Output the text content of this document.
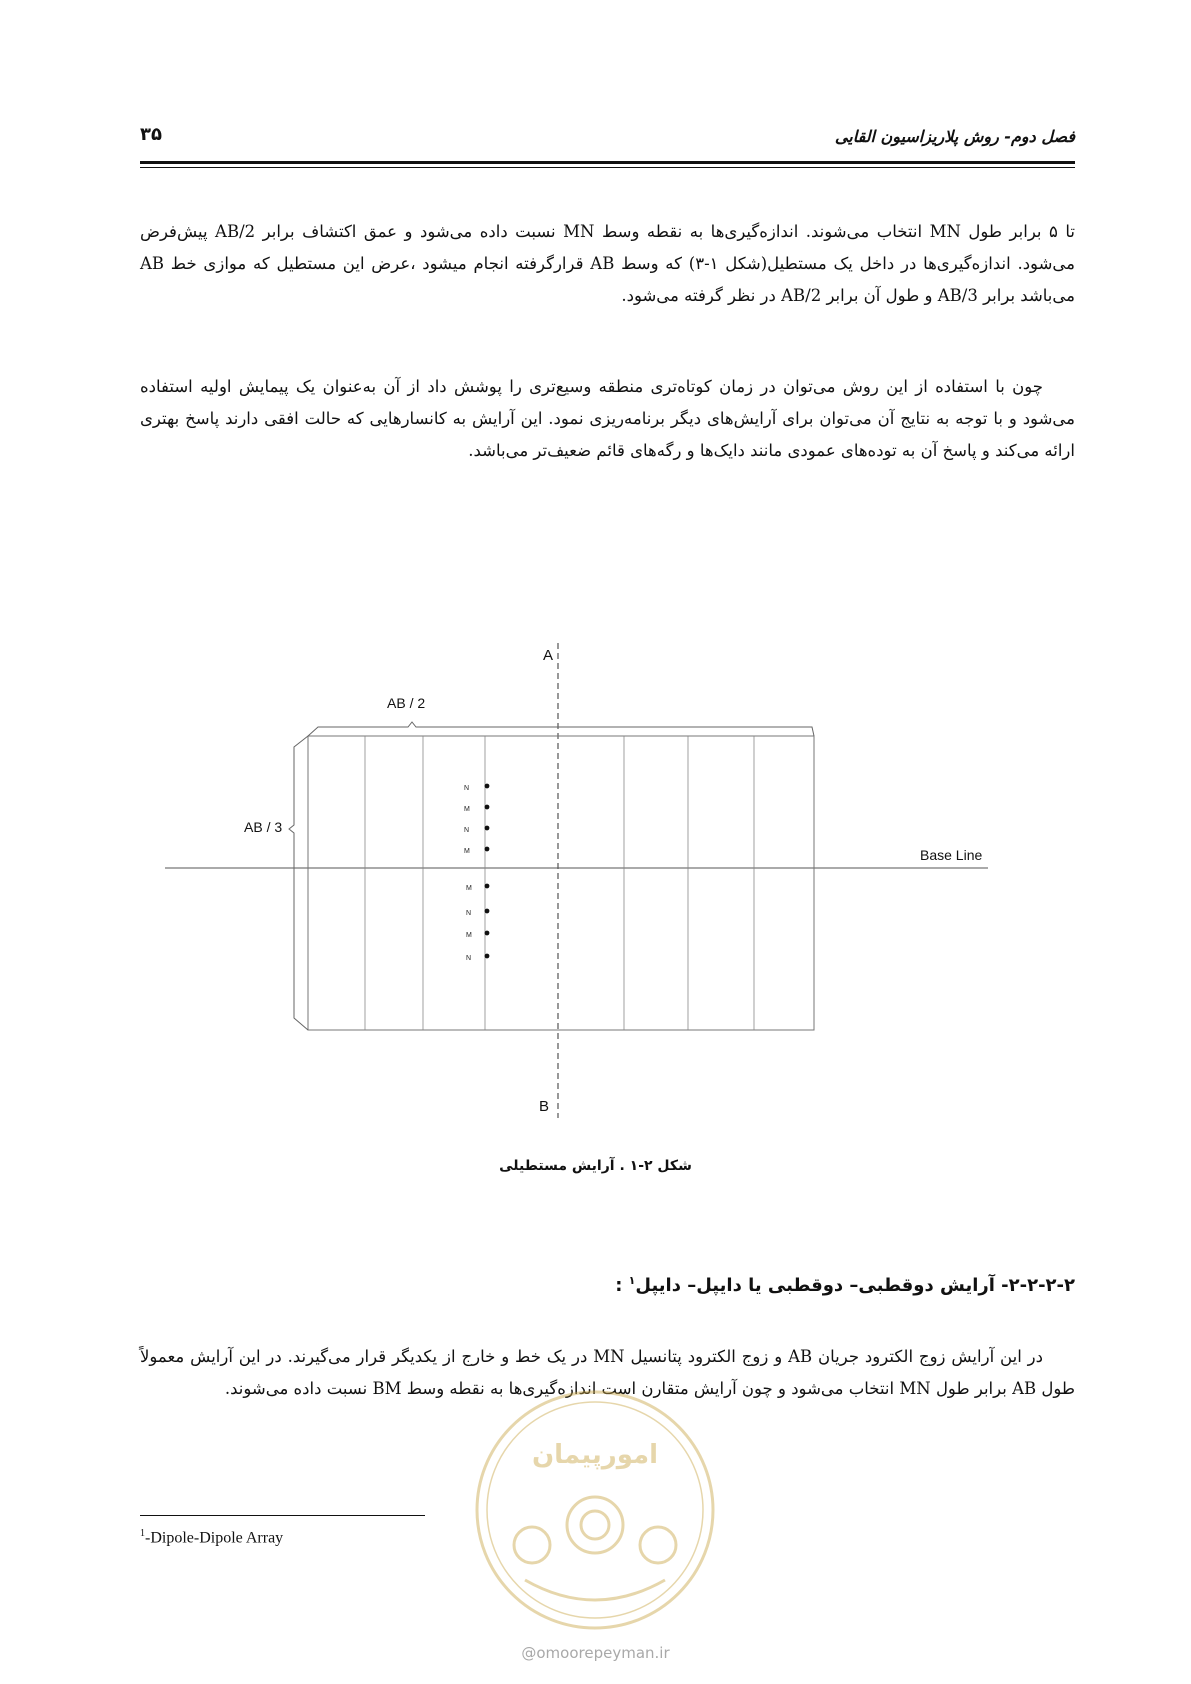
فصل دوم- روش پلاریزاسیون القایی
۳۵
تا ۵ برابر طول MN انتخاب می‌شوند. اندازه‌گیری‌ها به نقطه وسط MN نسبت داده می‌شود و عمق اکتشاف برابر AB/2 پیش‌فرض می‌شود. اندازه‌گیری‌ها در داخل یک مستطیل(شکل ۱-۳) که وسط AB قرارگرفته انجام میشود ،عرض این مستطیل که موازی خط AB می‌باشد برابر AB/3 و طول آن برابر AB/2 در نظر گرفته می‌شود.
چون با استفاده از این روش می‌توان در زمان کوتاه‌تری منطقه وسیع‌تری را پوشش داد از آن به‌عنوان یک پیمایش اولیه استفاده می‌شود و با توجه به نتایج آن می‌توان برای آرایش‌های دیگر برنامه‌ریزی نمود. این آرایش به کانسارهایی که حالت افقی دارند پاسخ بهتری ارائه می‌کند و پاسخ آن به توده‌های عمودی مانند دایک‌ها و رگه‌های قائم ضعیف‌تر می‌باشد.
A
B
AB / 2
AB / 3
Base Line
N
M
N
M
M
N
M
N
شکل ۲-۱ . آرایش مستطیلی
۲-۲-۲-۲- آرایش دوقطبی– دوقطبی یا دایپل– دایپل$^۱$ :
در این آرایش زوج الکترود جریان AB و زوج الکترود پتانسیل MN در یک خط و خارج از یکدیگر قرار می‌گیرند. در این آرایش معمولاً طول AB برابر طول MN انتخاب می‌شود و چون آرایش متقارن است اندازه‌گیری‌ها به نقطه وسط BM نسبت داده می‌شوند.
$^1$-Dipole-Dipole Array
امورپیمان
@omoorepeyman.ir
